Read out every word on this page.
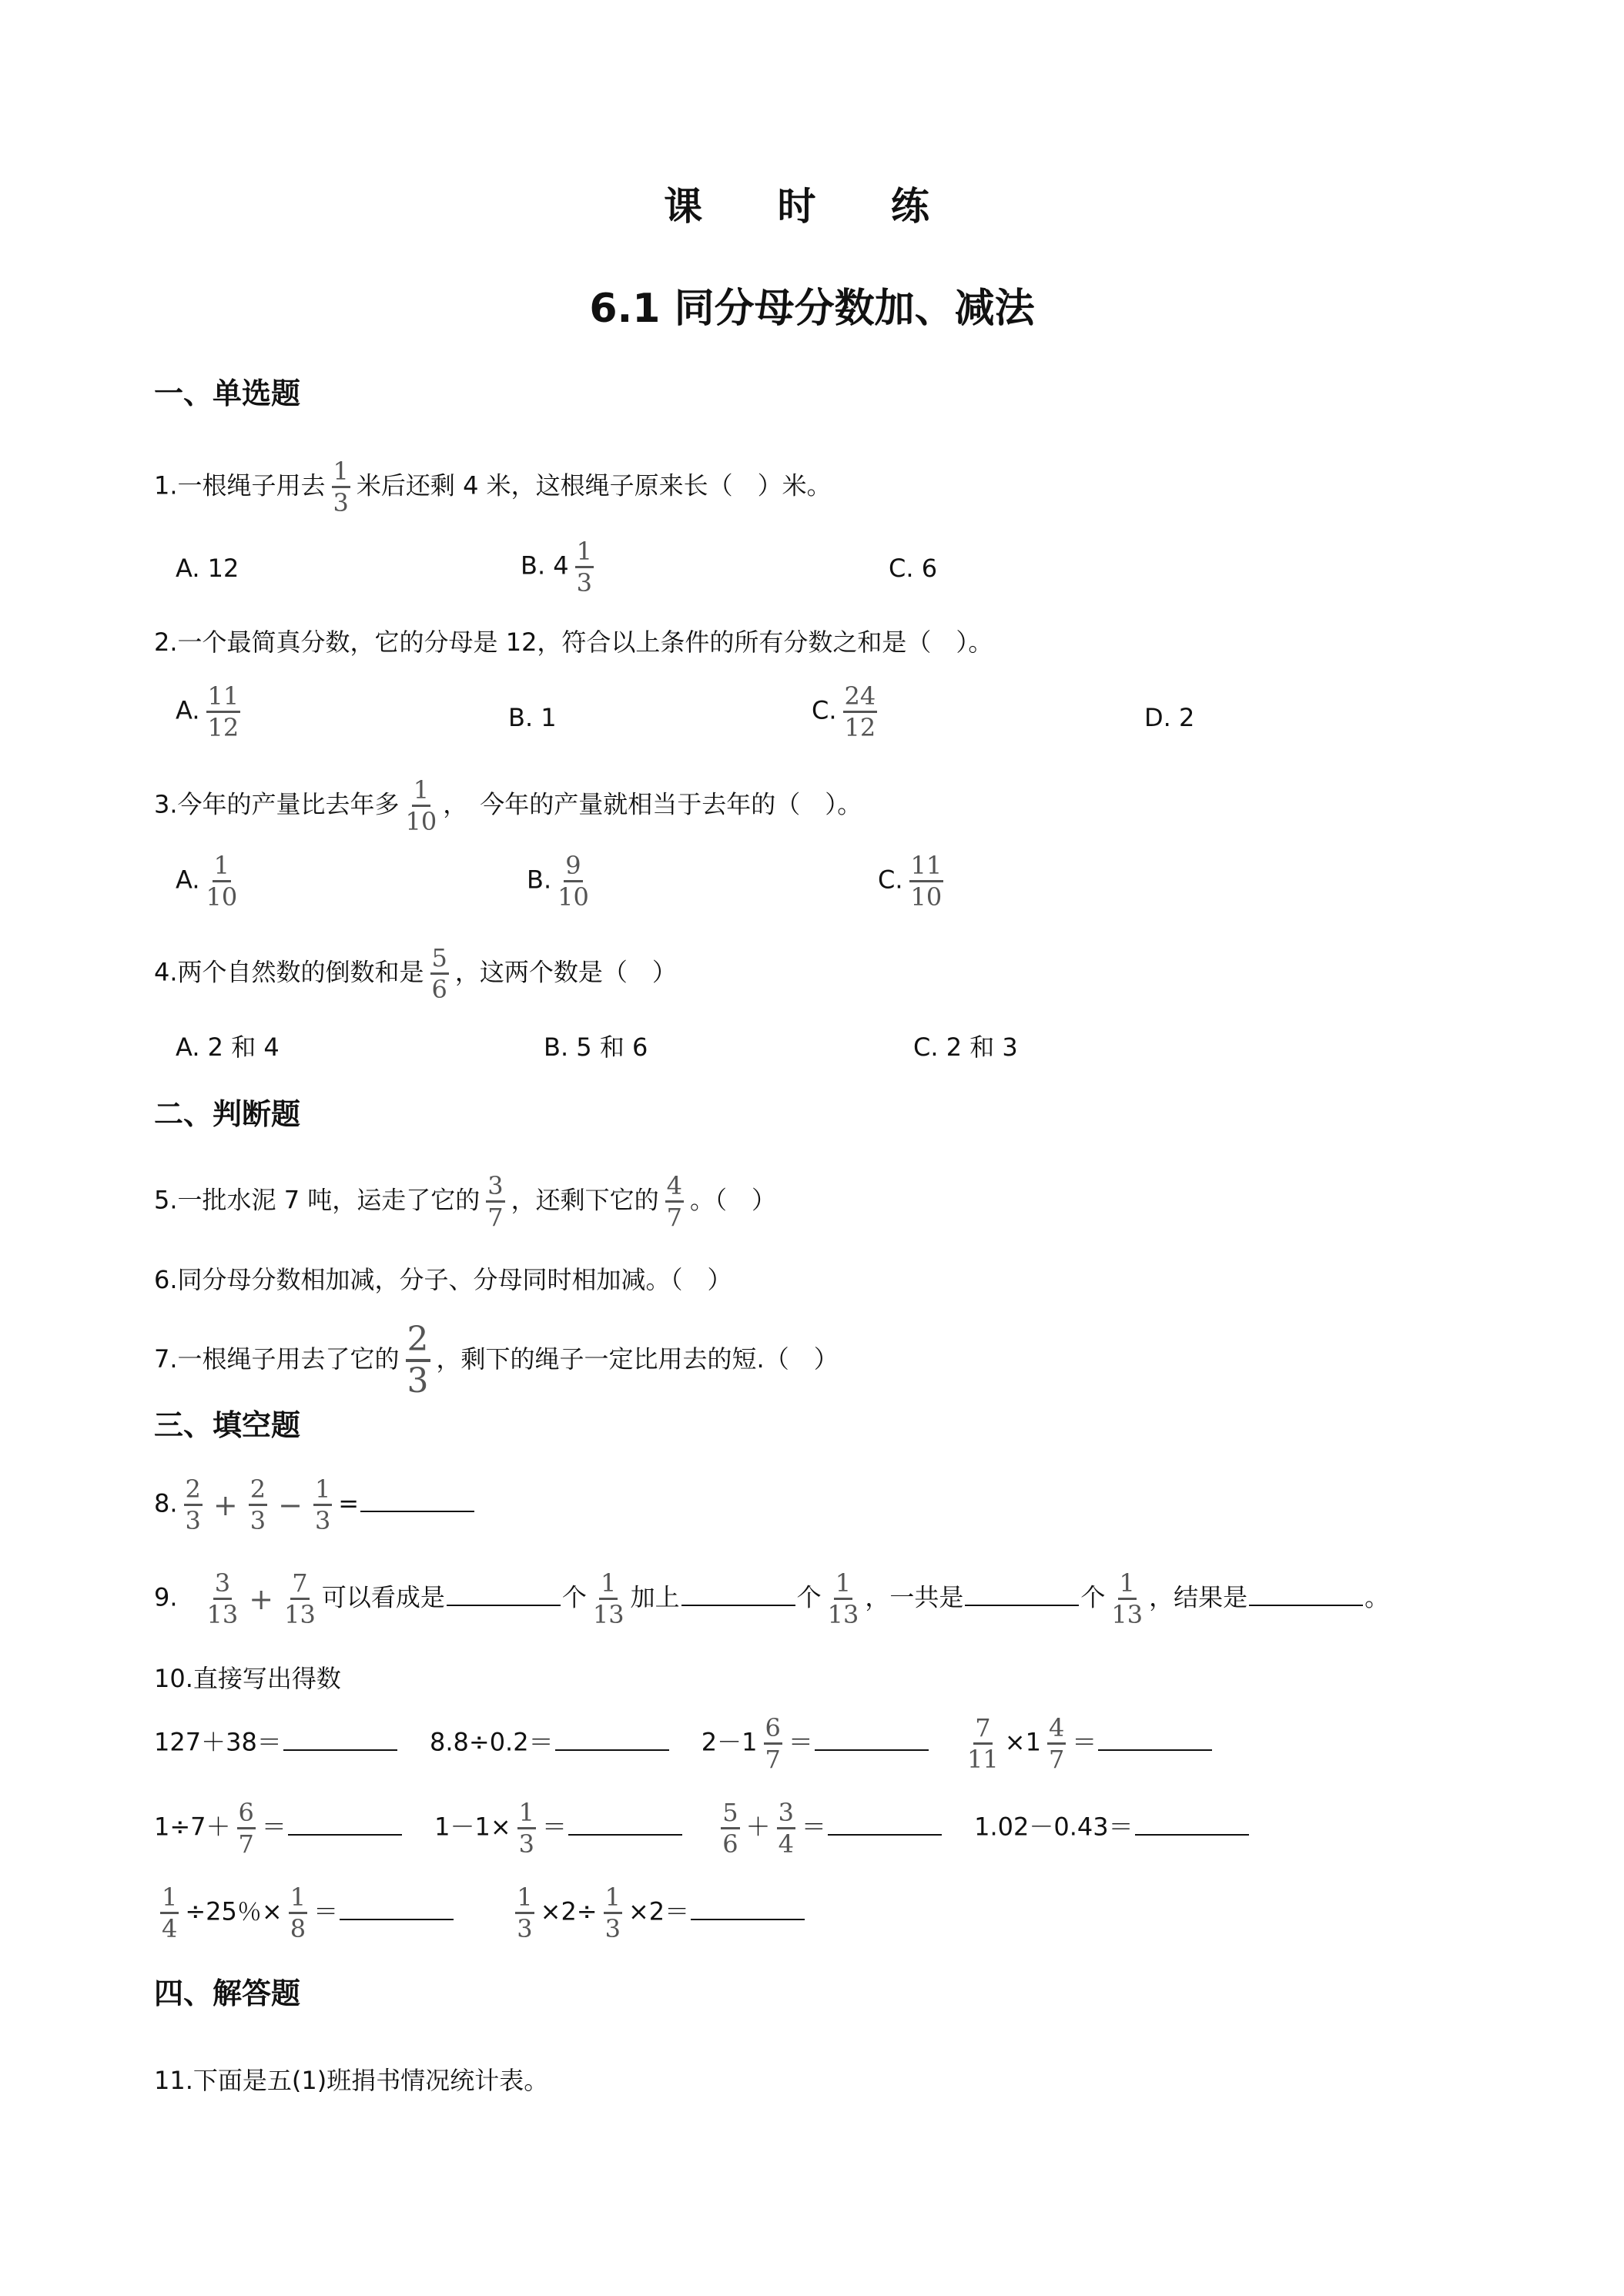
课 时 练
6.1 同分母分数加、减法
一、单选题
1.一根绳子用去 $\frac{1}{3}$ 米后还剩 4 米，这根绳子原来长（　）米。
A. 12	B. $4 \frac{1}{3}$	C. 6
2.一个最简真分数，它的分母是 12，符合以上条件的所有分数之和是（　）。
A. $\frac{11}{12}$	B. 1	C. $\frac{24}{12}$	D. 2
3.今年的产量比去年多 $\frac{1}{10}$ ，　今年的产量就相当于去年的（　）。
A. $\frac{1}{10}$	B. $\frac{9}{10}$	C. $\frac{11}{10}$
4.两个自然数的倒数和是 $\frac{5}{6}$ ，这两个数是（　）
A. 2 和 4	B. 5 和 6	C. 2 和 3
二、判断题
5.一批水泥 7 吨，运走了它的 $\frac{3}{7}$ ，还剩下它的 $\frac{4}{7}$ 。（　）
6.同分母分数相加减，分子、分母同时相加减。（　）
7.一根绳子用去了它的 $\frac{2}{3}$ ，剩下的绳子一定比用去的短.（　）
三、填空题
8. $\frac{2}{3} + \frac{2}{3} - \frac{1}{3}$ =
9. $\frac{3}{13} + \frac{7}{13}$ 可以看成是	个 $\frac{1}{13}$ 加上	个 $\frac{1}{13}$ ，一共是	个 $\frac{1}{13}$ ，结果是	。
10.直接写出得数
127＋38＝	8.8÷0.2＝	$2-1 \frac{6}{7}$ ＝	$\frac{7}{11} \times 1 \frac{4}{7}$ ＝
$1\div 7+ \frac{6}{7}$ ＝	$1-1\times \frac{1}{3}$ ＝	$\frac{5}{6} + \frac{3}{4}$ ＝	1.02－0.43＝
$\frac{1}{4} \div 25$％× $\frac{1}{8}$ ＝	$\frac{1}{3} \times 2\div \frac{1}{3} \times 2=$
四、解答题
11.下面是五(1)班捐书情况统计表。
